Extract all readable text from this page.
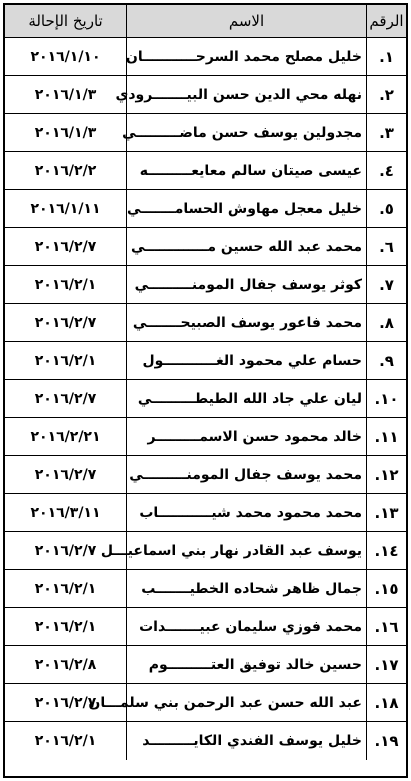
الرقم
الاسم
تاريخ الإحالة
١.
خليل مصلح محمد السرحـــــــــــان
٢٠١٦/١/١٠
٢.
نهله محي الدين حسن البيـــــــرودي
٢٠١٦/١/٣
٣.
مجدولين يوسف حسن ماضـــــــــي
٢٠١٦/١/٣
٤.
عيسى صيتان سالم معايعـــــــــه
٢٠١٦/٢/٢
٥.
خليل معجل مهاوش الحسامـــــــي
٢٠١٦/١/١١
٦.
محمد عبد الله حسين مـــــــــــــي
٢٠١٦/٢/٧
٧.
كوثر يوسف جفال المومنـــــــــي
٢٠١٦/٢/١
٨.
محمد فاعور يوسف الصبيحـــــــي
٢٠١٦/٢/٧
٩.
حسام علي محمود الغـــــــــــول
٢٠١٦/٢/١
١٠.
ليان علي جاد الله الطيطـــــــــي
٢٠١٦/٢/٧
١١.
خالد محمود حسن الاسمـــــــــر
٢٠١٦/٢/٢١
١٢.
محمد يوسف جفال المومنـــــــــي
٢٠١٦/٢/٧
١٣.
محمد محمود محمد شيـــــــــــاب
٢٠١٦/٣/١١
١٤.
يوسف عبد القادر نهار بني اسماعيـــل
٢٠١٦/٢/٧
١٥.
جمال ظاهر شحاده الخطيـــــــب
٢٠١٦/٢/١
١٦.
محمد فوزي سليمان عبيـــــــدات
٢٠١٦/٢/١
١٧.
حسين خالد توفيق العتـــــــــوم
٢٠١٦/٢/٨
١٨.
عبد الله حسن عبد الرحمن بني سلمـــان
٢٠١٦/٢/٧
١٩.
خليل يوسف الفندي الكايـــــــــد
٢٠١٦/٢/١
